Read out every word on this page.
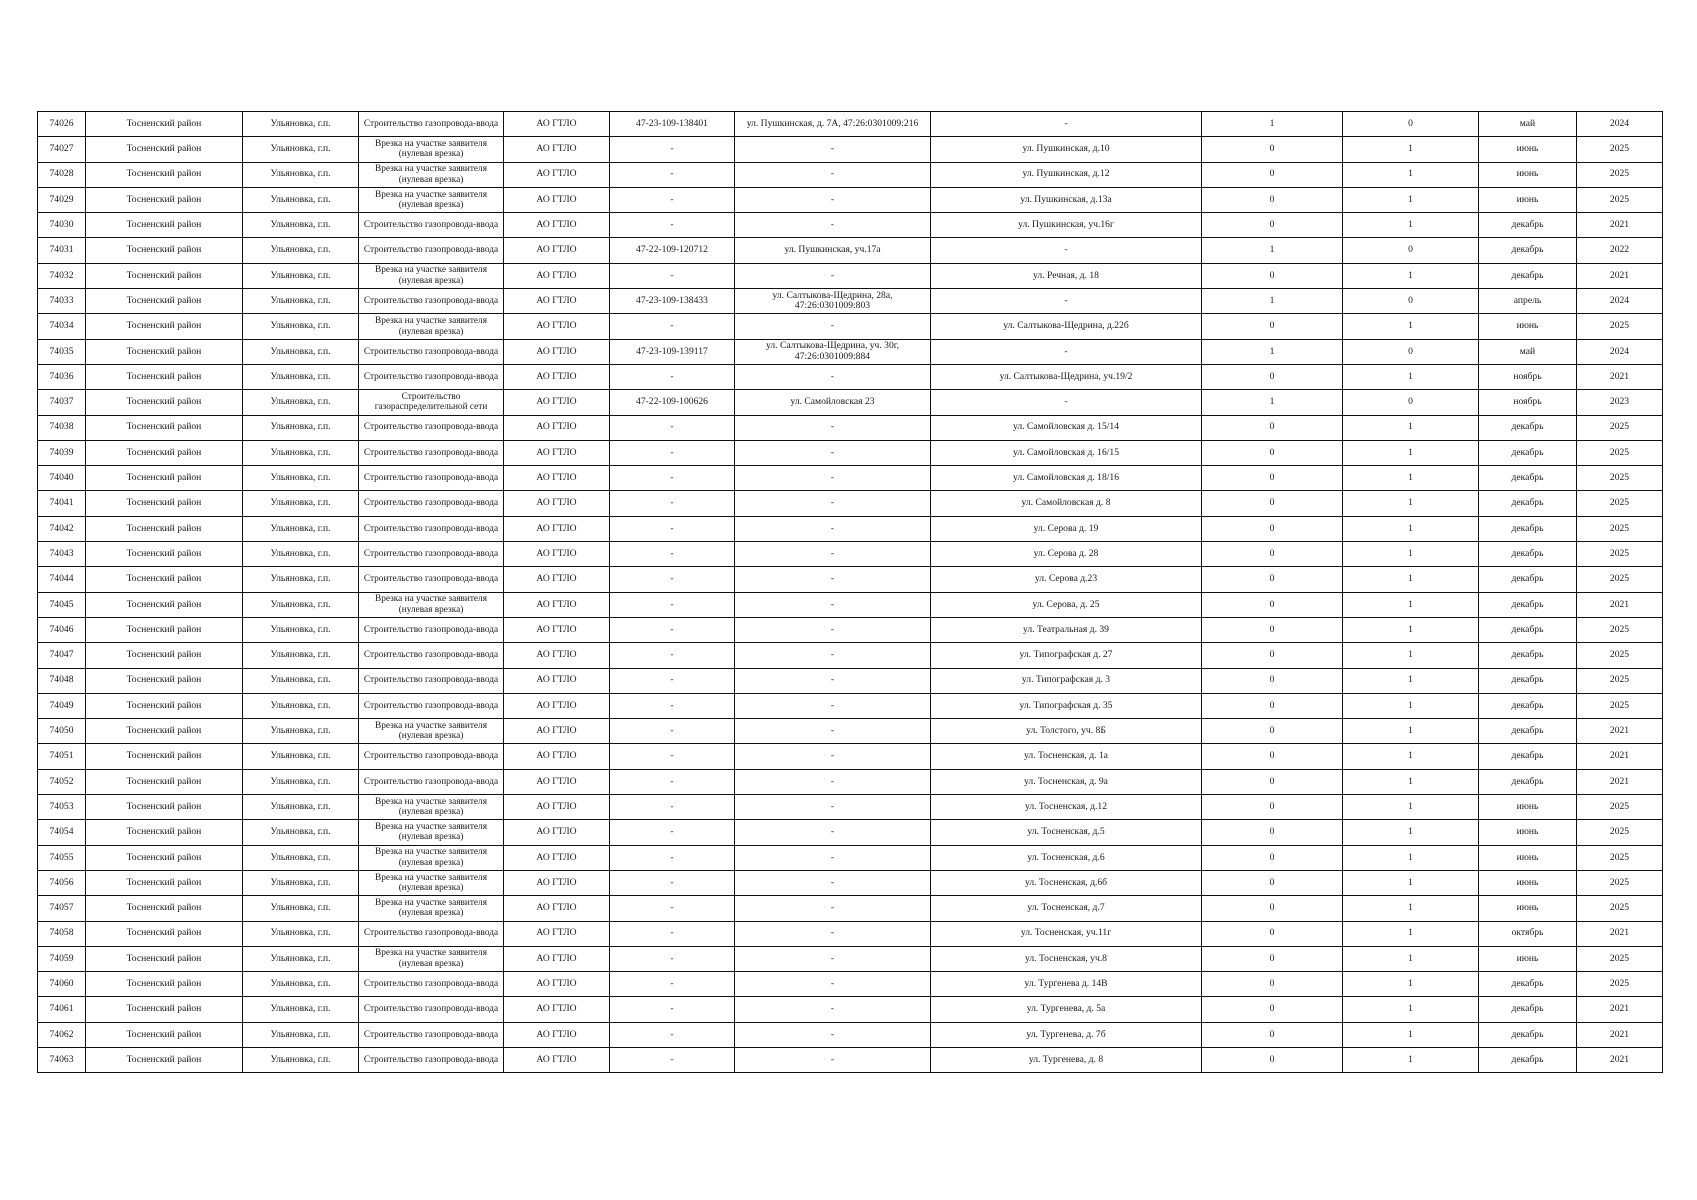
74026	Тосненский район	Ульяновка, г.п.	Строительство газопровода-ввода	АО ГТЛО	47-23-109-138401	ул. Пушкинская, д. 7А, 47:26:0301009:216	-	1	0	май	2024
74027	Тосненский район	Ульяновка, г.п.	Врезка на участке заявителя (нулевая врезка)	АО ГТЛО	-	-	ул. Пушкинская, д.10	0	1	июнь	2025
74028	Тосненский район	Ульяновка, г.п.	Врезка на участке заявителя (нулевая врезка)	АО ГТЛО	-	-	ул. Пушкинская, д.12	0	1	июнь	2025
74029	Тосненский район	Ульяновка, г.п.	Врезка на участке заявителя (нулевая врезка)	АО ГТЛО	-	-	ул. Пушкинская, д.13а	0	1	июнь	2025
74030	Тосненский район	Ульяновка, г.п.	Строительство газопровода-ввода	АО ГТЛО	-	-	ул. Пушкинская, уч.16г	0	1	декабрь	2021
74031	Тосненский район	Ульяновка, г.п.	Строительство газопровода-ввода	АО ГТЛО	47-22-109-120712	ул. Пушкинская, уч.17а	-	1	0	декабрь	2022
74032	Тосненский район	Ульяновка, г.п.	Врезка на участке заявителя (нулевая врезка)	АО ГТЛО	-	-	ул. Речная, д. 18	0	1	декабрь	2021
74033	Тосненский район	Ульяновка, г.п.	Строительство газопровода-ввода	АО ГТЛО	47-23-109-138433	ул. Салтыкова-Щедрина, 28а, 47:26:0301009:803	-	1	0	апрель	2024
74034	Тосненский район	Ульяновка, г.п.	Врезка на участке заявителя (нулевая врезка)	АО ГТЛО	-	-	ул. Салтыкова-Щедрина, д.22б	0	1	июнь	2025
74035	Тосненский район	Ульяновка, г.п.	Строительство газопровода-ввода	АО ГТЛО	47-23-109-139117	ул. Салтыкова-Щедрина, уч. 30г, 47:26:0301009:884	-	1	0	май	2024
74036	Тосненский район	Ульяновка, г.п.	Строительство газопровода-ввода	АО ГТЛО	-	-	ул. Салтыкова-Щедрина, уч.19/2	0	1	ноябрь	2021
74037	Тосненский район	Ульяновка, г.п.	Строительство газораспределительной сети	АО ГТЛО	47-22-109-100626	ул. Самойловская 23	-	1	0	ноябрь	2023
74038	Тосненский район	Ульяновка, г.п.	Строительство газопровода-ввода	АО ГТЛО	-	-	ул. Самойловская д. 15/14	0	1	декабрь	2025
74039	Тосненский район	Ульяновка, г.п.	Строительство газопровода-ввода	АО ГТЛО	-	-	ул. Самойловская д. 16/15	0	1	декабрь	2025
74040	Тосненский район	Ульяновка, г.п.	Строительство газопровода-ввода	АО ГТЛО	-	-	ул. Самойловская д. 18/16	0	1	декабрь	2025
74041	Тосненский район	Ульяновка, г.п.	Строительство газопровода-ввода	АО ГТЛО	-	-	ул. Самойловская д. 8	0	1	декабрь	2025
74042	Тосненский район	Ульяновка, г.п.	Строительство газопровода-ввода	АО ГТЛО	-	-	ул. Серова д. 19	0	1	декабрь	2025
74043	Тосненский район	Ульяновка, г.п.	Строительство газопровода-ввода	АО ГТЛО	-	-	ул. Серова д. 28	0	1	декабрь	2025
74044	Тосненский район	Ульяновка, г.п.	Строительство газопровода-ввода	АО ГТЛО	-	-	ул. Серова д.23	0	1	декабрь	2025
74045	Тосненский район	Ульяновка, г.п.	Врезка на участке заявителя (нулевая врезка)	АО ГТЛО	-	-	ул. Серова, д. 25	0	1	декабрь	2021
74046	Тосненский район	Ульяновка, г.п.	Строительство газопровода-ввода	АО ГТЛО	-	-	ул. Театральная д. 39	0	1	декабрь	2025
74047	Тосненский район	Ульяновка, г.п.	Строительство газопровода-ввода	АО ГТЛО	-	-	ул. Типографская д. 27	0	1	декабрь	2025
74048	Тосненский район	Ульяновка, г.п.	Строительство газопровода-ввода	АО ГТЛО	-	-	ул. Типографская д. 3	0	1	декабрь	2025
74049	Тосненский район	Ульяновка, г.п.	Строительство газопровода-ввода	АО ГТЛО	-	-	ул. Типографская д. 35	0	1	декабрь	2025
74050	Тосненский район	Ульяновка, г.п.	Врезка на участке заявителя (нулевая врезка)	АО ГТЛО	-	-	ул. Толстого, уч. 8Б	0	1	декабрь	2021
74051	Тосненский район	Ульяновка, г.п.	Строительство газопровода-ввода	АО ГТЛО	-	-	ул. Тосненская, д. 1а	0	1	декабрь	2021
74052	Тосненский район	Ульяновка, г.п.	Строительство газопровода-ввода	АО ГТЛО	-	-	ул. Тосненская, д. 9а	0	1	декабрь	2021
74053	Тосненский район	Ульяновка, г.п.	Врезка на участке заявителя (нулевая врезка)	АО ГТЛО	-	-	ул. Тосненская, д.12	0	1	июнь	2025
74054	Тосненский район	Ульяновка, г.п.	Врезка на участке заявителя (нулевая врезка)	АО ГТЛО	-	-	ул. Тосненская, д.5	0	1	июнь	2025
74055	Тосненский район	Ульяновка, г.п.	Врезка на участке заявителя (нулевая врезка)	АО ГТЛО	-	-	ул. Тосненская, д.6	0	1	июнь	2025
74056	Тосненский район	Ульяновка, г.п.	Врезка на участке заявителя (нулевая врезка)	АО ГТЛО	-	-	ул. Тосненская, д.6б	0	1	июнь	2025
74057	Тосненский район	Ульяновка, г.п.	Врезка на участке заявителя (нулевая врезка)	АО ГТЛО	-	-	ул. Тосненская, д.7	0	1	июнь	2025
74058	Тосненский район	Ульяновка, г.п.	Строительство газопровода-ввода	АО ГТЛО	-	-	ул. Тосненская, уч.11г	0	1	октябрь	2021
74059	Тосненский район	Ульяновка, г.п.	Врезка на участке заявителя (нулевая врезка)	АО ГТЛО	-	-	ул. Тосненская, уч.8	0	1	июнь	2025
74060	Тосненский район	Ульяновка, г.п.	Строительство газопровода-ввода	АО ГТЛО	-	-	ул. Тургенева д. 14В	0	1	декабрь	2025
74061	Тосненский район	Ульяновка, г.п.	Строительство газопровода-ввода	АО ГТЛО	-	-	ул. Тургенева, д. 5а	0	1	декабрь	2021
74062	Тосненский район	Ульяновка, г.п.	Строительство газопровода-ввода	АО ГТЛО	-	-	ул. Тургенева, д. 7б	0	1	декабрь	2021
74063	Тосненский район	Ульяновка, г.п.	Строительство газопровода-ввода	АО ГТЛО	-	-	ул. Тургенева, д. 8	0	1	декабрь	2021
